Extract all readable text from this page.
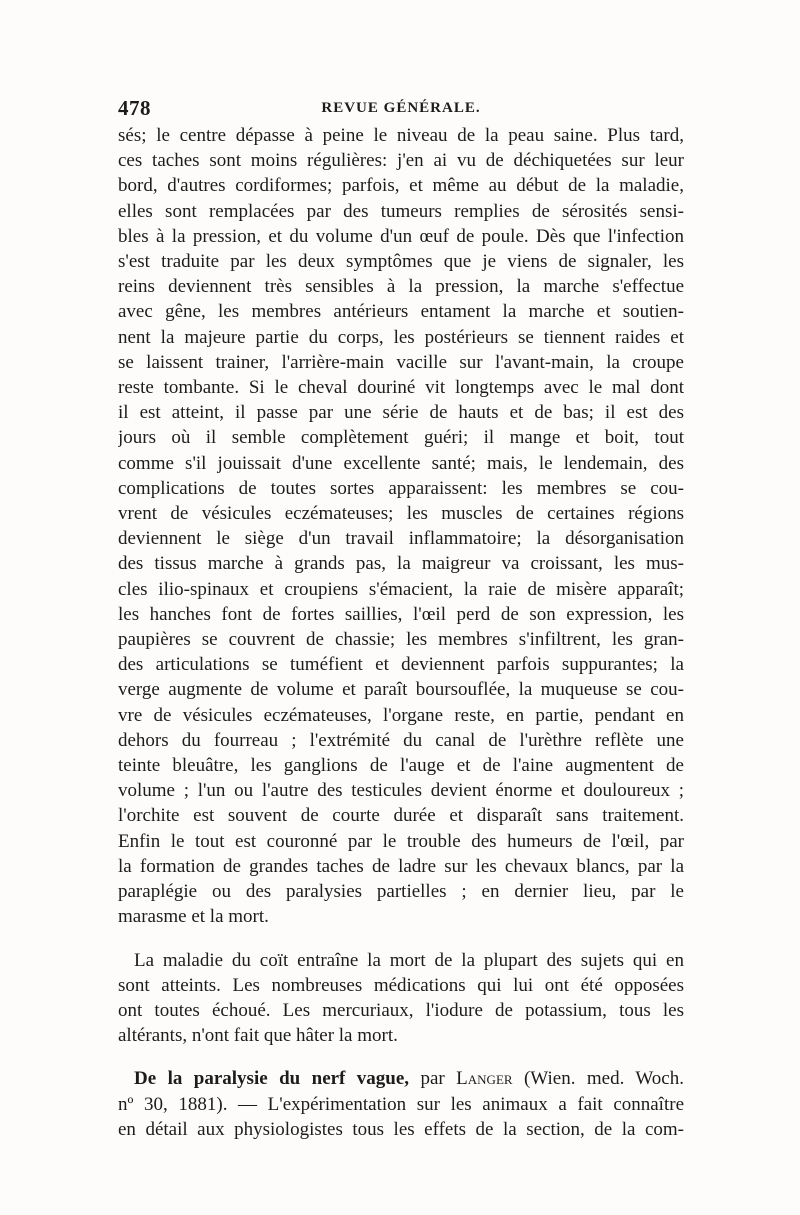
478	REVUE GÉNÉRALE.
sés; le centre dépasse à peine le niveau de la peau saine. Plus tard,
ces taches sont moins régulières: j'en ai vu de déchiquetées sur leur
bord, d'autres cordiformes; parfois, et même au début de la maladie,
elles sont remplacées par des tumeurs remplies de sérosités sensi-
bles à la pression, et du volume d'un œuf de poule. Dès que l'infection
s'est traduite par les deux symptômes que je viens de signaler, les
reins deviennent très sensibles à la pression, la marche s'effectue
avec gêne, les membres antérieurs entament la marche et soutien-
nent la majeure partie du corps, les postérieurs se tiennent raides et
se laissent trainer, l'arrière-main vacille sur l'avant-main, la croupe
reste tombante. Si le cheval douriné vit longtemps avec le mal dont
il est atteint, il passe par une série de hauts et de bas; il est des
jours où il semble complètement guéri; il mange et boit, tout
comme s'il jouissait d'une excellente santé; mais, le lendemain, des
complications de toutes sortes apparaissent: les membres se cou-
vrent de vésicules eczémateuses; les muscles de certaines régions
deviennent le siège d'un travail inflammatoire; la désorganisation
des tissus marche à grands pas, la maigreur va croissant, les mus-
cles ilio-spinaux et croupiens s'émacient, la raie de misère apparaît;
les hanches font de fortes saillies, l'œil perd de son expression, les
paupières se couvrent de chassie; les membres s'infiltrent, les gran-
des articulations se tuméfient et deviennent parfois suppurantes; la
verge augmente de volume et paraît boursouflée, la muqueuse se cou-
vre de vésicules eczémateuses, l'organe reste, en partie, pendant en
dehors du fourreau ; l'extrémité du canal de l'urèthre reflète une
teinte bleuâtre, les ganglions de l'auge et de l'aine augmentent de
volume ; l'un ou l'autre des testicules devient énorme et douloureux ;
l'orchite est souvent de courte durée et disparaît sans traitement.
Enfin le tout est couronné par le trouble des humeurs de l'œil, par
la formation de grandes taches de ladre sur les chevaux blancs, par la
paraplégie ou des paralysies partielles ; en dernier lieu, par le
marasme et la mort.
La maladie du coït entraîne la mort de la plupart des sujets qui en
sont atteints. Les nombreuses médications qui lui ont été opposées
ont toutes échoué. Les mercuriaux, l'iodure de potassium, tous les
altérants, n'ont fait que hâter la mort.
De la paralysie du nerf vague, par Langer (Wien. med. Woch.
nº 30, 1881). — L'expérimentation sur les animaux a fait connaître
en détail aux physiologistes tous les effets de la section, de la com-
